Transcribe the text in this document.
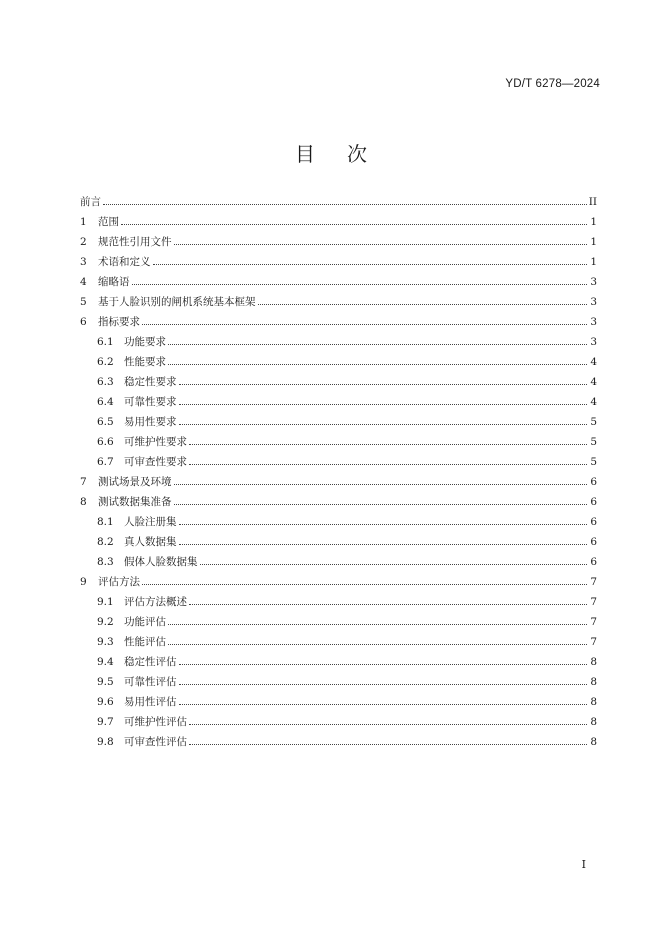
YD/T 6278—2024
目次
前言	II
1	范围	1
2	规范性引用文件	1
3	术语和定义	1
4	缩略语	3
5	基于人脸识别的闸机系统基本框架	3
6	指标要求	3
6.1 功能要求	3
6.2 性能要求	4
6.3 稳定性要求	4
6.4 可靠性要求	4
6.5 易用性要求	5
6.6 可维护性要求	5
6.7 可审查性要求	5
7	测试场景及环境	6
8	测试数据集准备	6
8.1 人脸注册集	6
8.2 真人数据集	6
8.3 假体人脸数据集	6
9	评估方法	7
9.1 评估方法概述	7
9.2 功能评估	7
9.3 性能评估	7
9.4 稳定性评估	8
9.5 可靠性评估	8
9.6 易用性评估	8
9.7 可维护性评估	8
9.8 可审查性评估	8
I
